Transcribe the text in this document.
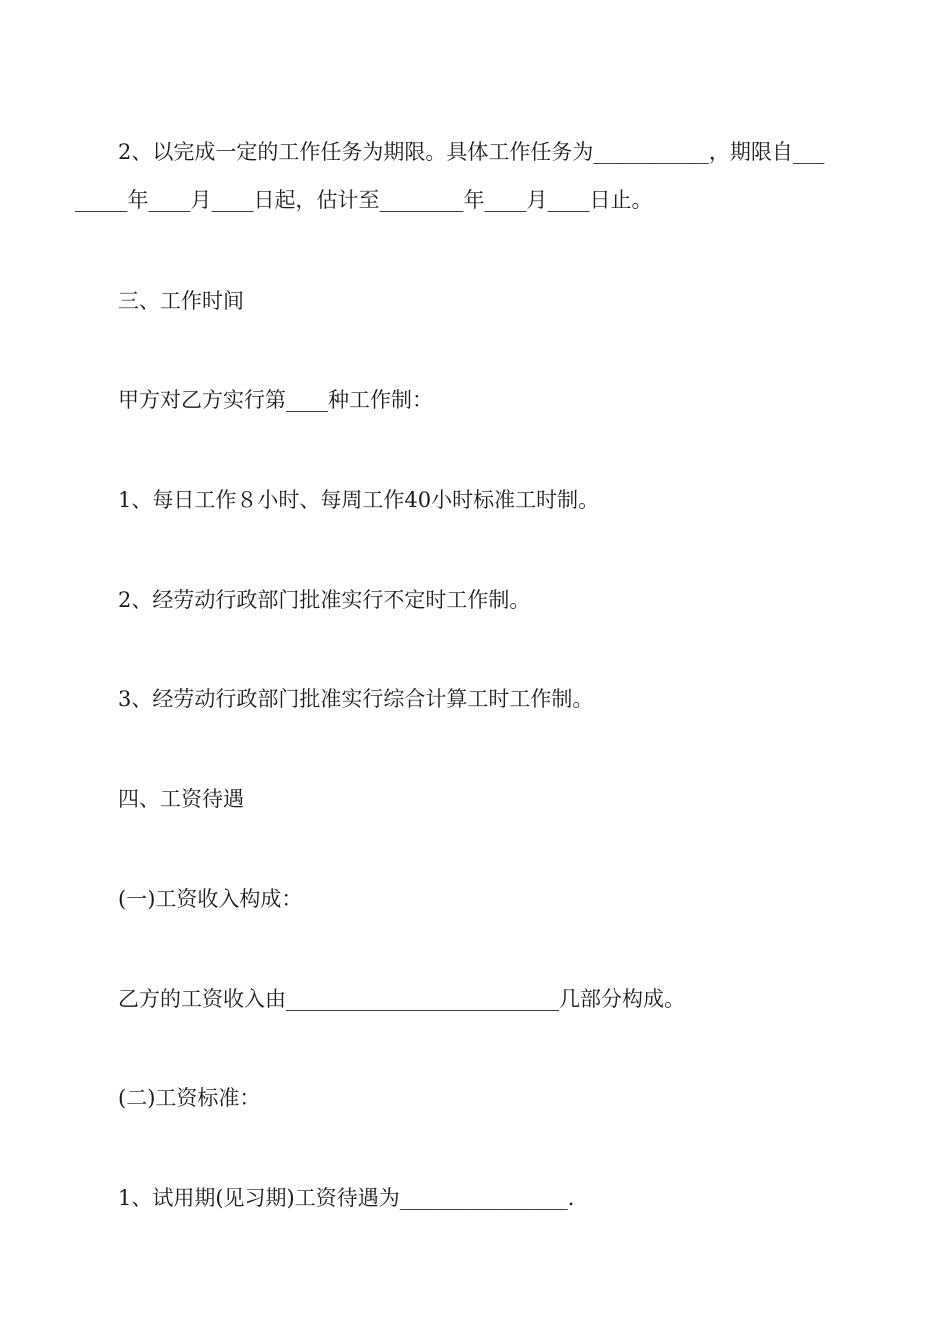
2、以完成一定的工作任务为期限。具体工作任务为___________，期限自___
_____年____月____日起，估计至________年____月____日止。
三、工作时间
甲方对乙方实行第____种工作制：
1、每日工作８小时、每周工作40小时标准工时制。
2、经劳动行政部门批准实行不定时工作制。
3、经劳动行政部门批准实行综合计算工时工作制。
四、工资待遇
(一)工资收入构成：
乙方的工资收入由__________________________几部分构成。
(二)工资标准：
1、试用期(见习期)工资待遇为________________.
